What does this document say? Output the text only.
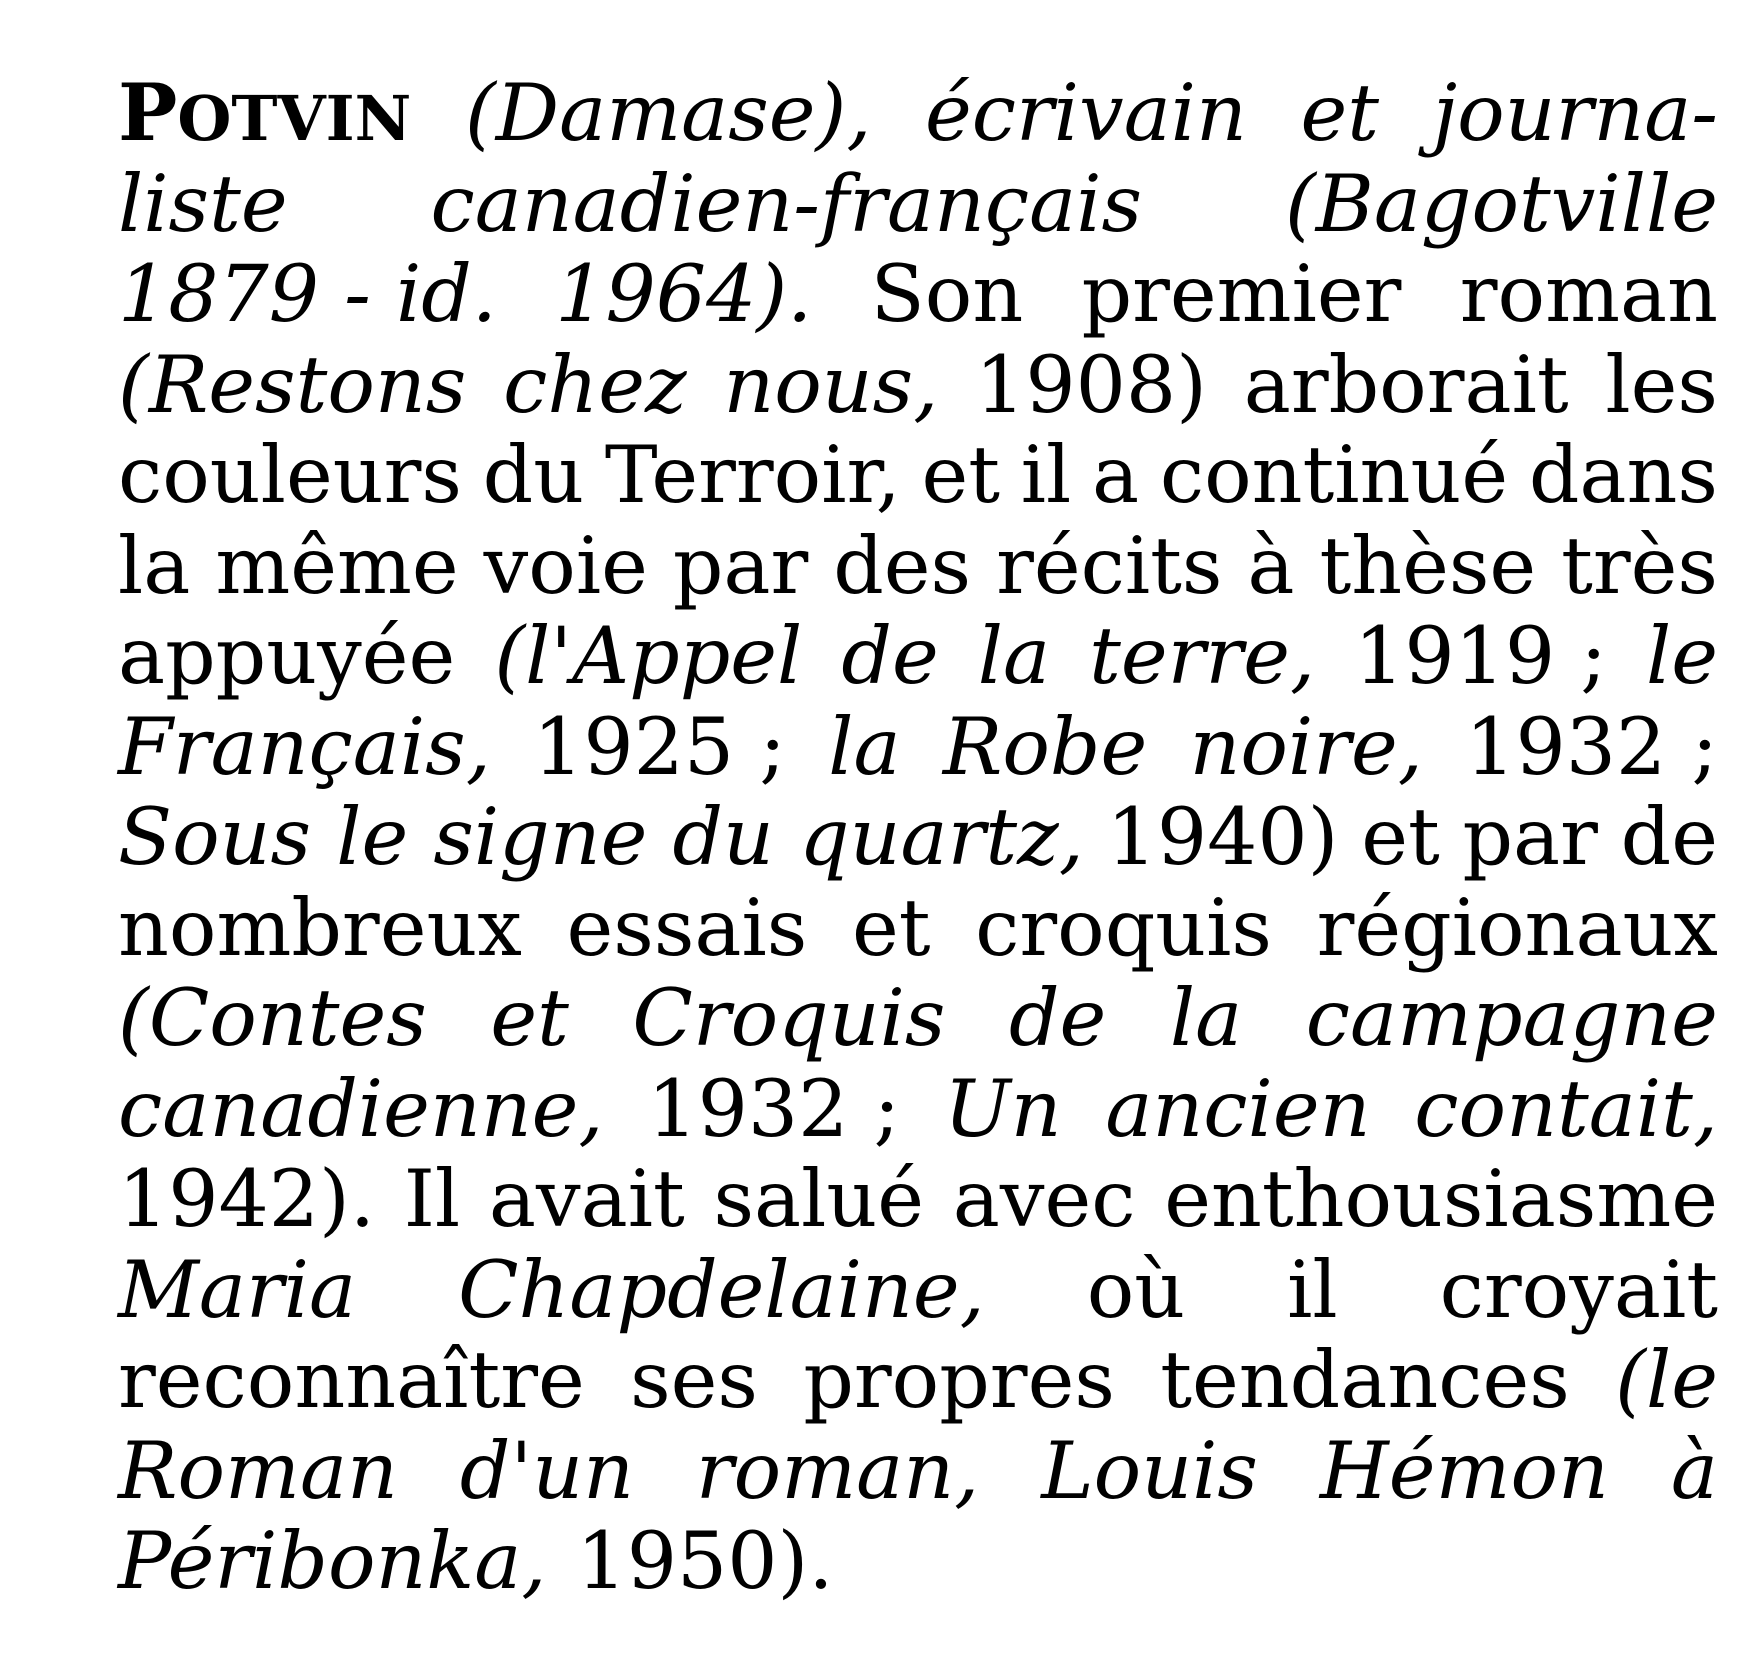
POTVIN (Damase), écrivain et journa-
liste canadien-français (Bagotville
1879 - id. 1964). Son premier roman
(Restons chez nous, 1908) arborait les
couleurs du Terroir, et il a continué dans
la même voie par des récits à thèse très
appuyée (l'Appel de la terre, 1919 ; le
Français, 1925 ; la Robe noire, 1932 ;
Sous le signe du quartz, 1940) et par de
nombreux essais et croquis régionaux
(Contes et Croquis de la campagne
canadienne, 1932 ; Un ancien contait,
1942). Il avait salué avec enthousiasme
Maria Chapdelaine, où il croyait
reconnaître ses propres tendances (le
Roman d'un roman, Louis Hémon à
Péribonka, 1950).
